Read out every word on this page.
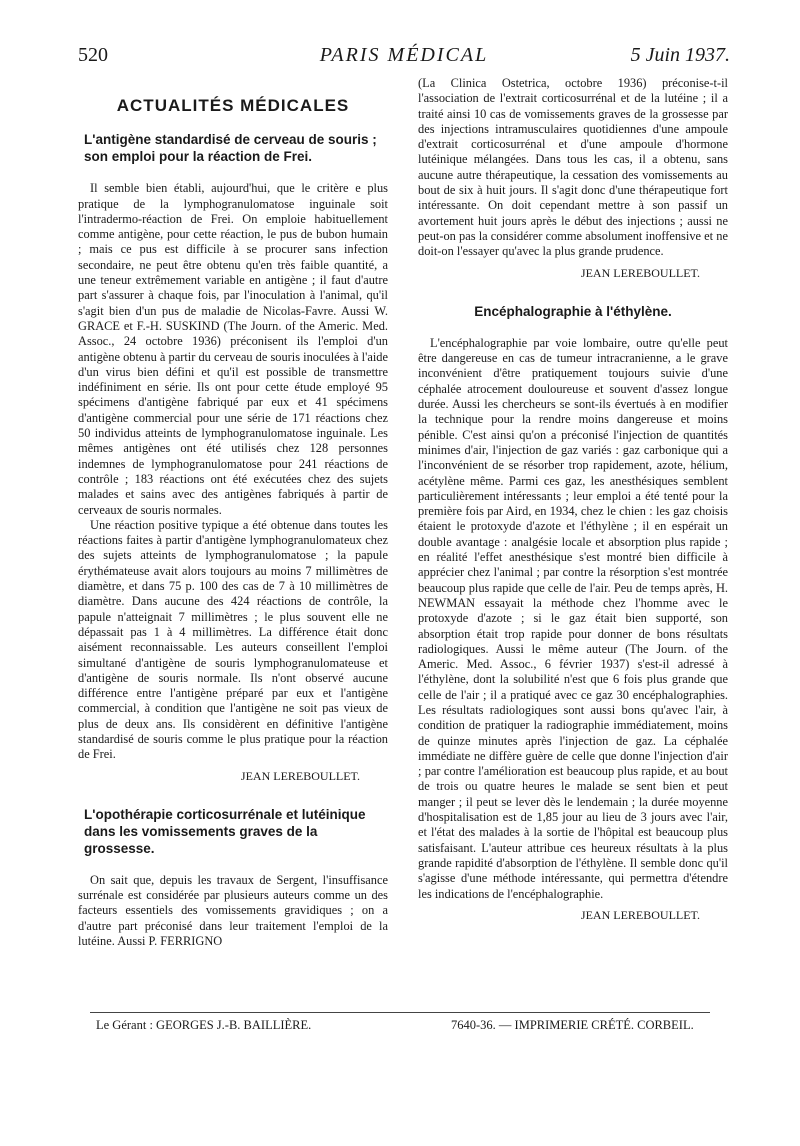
520	PARIS MÉDICAL	5 Juin 1937.
ACTUALITÉS MÉDICALES
L'antigène standardisé de cerveau de souris ; son emploi pour la réaction de Frei.

Il semble bien établi, aujourd'hui, que le critère e plus pratique de la lymphogranulomatose inguinale soit l'intradermo-réaction de Frei. On emploie habituellement comme antigène, pour cette réaction, le pus de bubon humain ; mais ce pus est difficile à se procurer sans infection secondaire, ne peut être obtenu qu'en très faible quantité, a une teneur extrêmement variable en antigène ; il faut d'autre part s'assurer à chaque fois, par l'inoculation à l'animal, qu'il s'agit bien d'un pus de maladie de Nicolas-Favre. Aussi W. GRACE et F.-H. SUSKIND (The Journ. of the Americ. Med. Assoc., 24 octobre 1936) préconisent ils l'emploi d'un antigène obtenu à partir du cerveau de souris inoculées à l'aide d'un virus bien défini et qu'il est possible de transmettre indéfiniment en série. Ils ont pour cette étude employé 95 spécimens d'antigène fabriqué par eux et 41 spécimens d'antigène commercial pour une série de 171 réactions chez 50 individus atteints de lymphogranulomatose inguinale. Les mêmes antigènes ont été utilisés chez 128 personnes indemnes de lymphogranulomatose pour 241 réactions de contrôle ; 183 réactions ont été exécutées chez des sujets malades et sains avec des antigènes fabriqués à partir de cerveaux de souris normales.

Une réaction positive typique a été obtenue dans toutes les réactions faites à partir d'antigène lymphogranulomateux chez des sujets atteints de lymphogranulomatose ; la papule érythémateuse avait alors toujours au moins 7 millimètres de diamètre, et dans 75 p. 100 des cas de 7 à 10 millimètres de diamètre. Dans aucune des 424 réactions de contrôle, la papule n'atteignait 7 millimètres ; le plus souvent elle ne dépassait pas 1 à 4 millimètres. La différence était donc aisément reconnaissable. Les auteurs conseillent l'emploi simultané d'antigène de souris lymphogranulomateuse et d'antigène de souris normale. Ils n'ont observé aucune différence entre l'antigène préparé par eux et l'antigène commercial, à condition que l'antigène ne soit pas vieux de plus de deux ans. Ils considèrent en définitive l'antigène standardisé de souris comme le plus pratique pour la réaction de Frei.

JEAN LEREBOULLET.
L'opothérapie corticosurrénale et lutéinique dans les vomissements graves de la grossesse.

On sait que, depuis les travaux de Sergent, l'insuffisance surrénale est considérée par plusieurs auteurs comme un des facteurs essentiels des vomissements gravidiques ; on a d'autre part préconisé dans leur traitement l'emploi de la lutéine. Aussi P. FERRIGNO

(La Clinica Ostetrica, octobre 1936) préconise-t-il l'association de l'extrait corticosurrénal et de la lutéine ; il a traité ainsi 10 cas de vomissements graves de la grossesse par des injections intramusculaires quotidiennes d'une ampoule d'extrait corticosurrénal et d'une ampoule d'hormone lutéinique mélangées. Dans tous les cas, il a obtenu, sans aucune autre thérapeutique, la cessation des vomissements au bout de six à huit jours. Il s'agit donc d'une thérapeutique fort intéressante. On doit cependant mettre à son passif un avortement huit jours après le début des injections ; aussi ne peut-on pas la considérer comme absolument inoffensive et ne doit-on l'essayer qu'avec la plus grande prudence.

JEAN LEREBOULLET.
Encéphalographie à l'éthylène.

L'encéphalographie par voie lombaire, outre qu'elle peut être dangereuse en cas de tumeur intracranienne, a le grave inconvénient d'être pratiquement toujours suivie d'une céphalée atrocement douloureuse et souvent d'assez longue durée. Aussi les chercheurs se sont-ils évertués à en modifier la technique pour la rendre moins dangereuse et moins pénible. C'est ainsi qu'on a préconisé l'injection de quantités minimes d'air, l'injection de gaz variés : gaz carbonique qui a l'inconvénient de se résorber trop rapidement, azote, hélium, acétylène même. Parmi ces gaz, les anesthésiques semblent particulièrement intéressants ; leur emploi a été tenté pour la première fois par Aird, en 1934, chez le chien : les gaz choisis étaient le protoxyde d'azote et l'éthylène ; il en espérait un double avantage : analgésie locale et absorption plus rapide ; en réalité l'effet anesthésique s'est montré bien difficile à apprécier chez l'animal ; par contre la résorption s'est montrée beaucoup plus rapide que celle de l'air. Peu de temps après, H. NEWMAN essayait la méthode chez l'homme avec le protoxyde d'azote ; si le gaz était bien supporté, son absorption était trop rapide pour donner de bons résultats radiologiques. Aussi le même auteur (The Journ. of the Americ. Med. Assoc., 6 février 1937) s'est-il adressé à l'éthylène, dont la solubilité n'est que 6 fois plus grande que celle de l'air ; il a pratiqué avec ce gaz 30 encéphalographies. Les résultats radiologiques sont aussi bons qu'avec l'air, à condition de pratiquer la radiographie immédiatement, moins de quinze minutes après l'injection de gaz. La céphalée immédiate ne diffère guère de celle que donne l'injection d'air ; par contre l'amélioration est beaucoup plus rapide, et au bout de trois ou quatre heures le malade se sent bien et peut manger ; il peut se lever dès le lendemain ; la durée moyenne d'hospitalisation est de 1,85 jour au lieu de 3 jours avec l'air, et l'état des malades à la sortie de l'hôpital est beaucoup plus satisfaisant. L'auteur attribue ces heureux résultats à la plus grande rapidité d'absorption de l'éthylène. Il semble donc qu'il s'agisse d'une méthode intéressante, qui permettra d'étendre les indications de l'encéphalographie.

JEAN LEREBOULLET.
Le Gérant : GEORGES J.-B. BAILLIÈRE.	7640-36. — IMPRIMERIE CRÉTÉ. CORBEIL.
